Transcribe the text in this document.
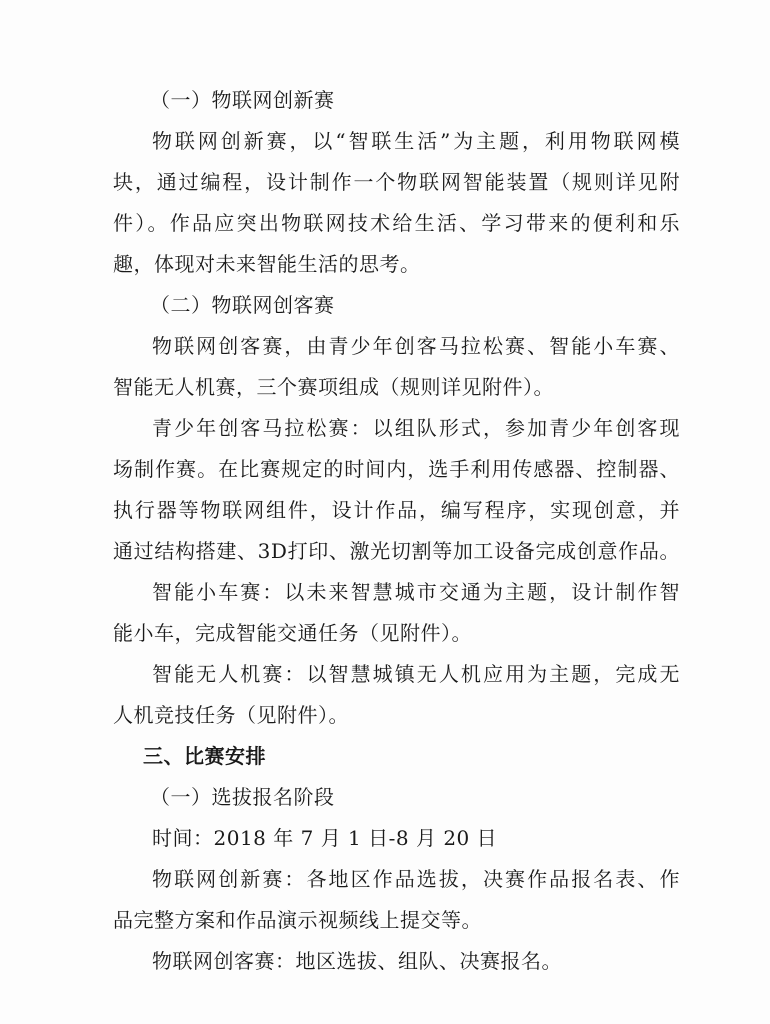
（一）物联网创新赛
物联网创新赛，以“智联生活”为主题，利用物联网模
块，通过编程，设计制作一个物联网智能装置（规则详见附
件）。作品应突出物联网技术给生活、学习带来的便利和乐
趣，体现对未来智能生活的思考。
（二）物联网创客赛
物联网创客赛，由青少年创客马拉松赛、智能小车赛、
智能无人机赛，三个赛项组成（规则详见附件）。
青少年创客马拉松赛：以组队形式，参加青少年创客现
场制作赛。在比赛规定的时间内，选手利用传感器、控制器、
执行器等物联网组件，设计作品，编写程序，实现创意，并
通过结构搭建、3D打印、激光切割等加工设备完成创意作品。
智能小车赛：以未来智慧城市交通为主题，设计制作智
能小车，完成智能交通任务（见附件）。
智能无人机赛：以智慧城镇无人机应用为主题，完成无
人机竞技任务（见附件）。
三、比赛安排
（一）选拔报名阶段
时间：2018 年 7 月 1 日-8 月 20 日
物联网创新赛：各地区作品选拔，决赛作品报名表、作
品完整方案和作品演示视频线上提交等。
物联网创客赛：地区选拔、组队、决赛报名。
